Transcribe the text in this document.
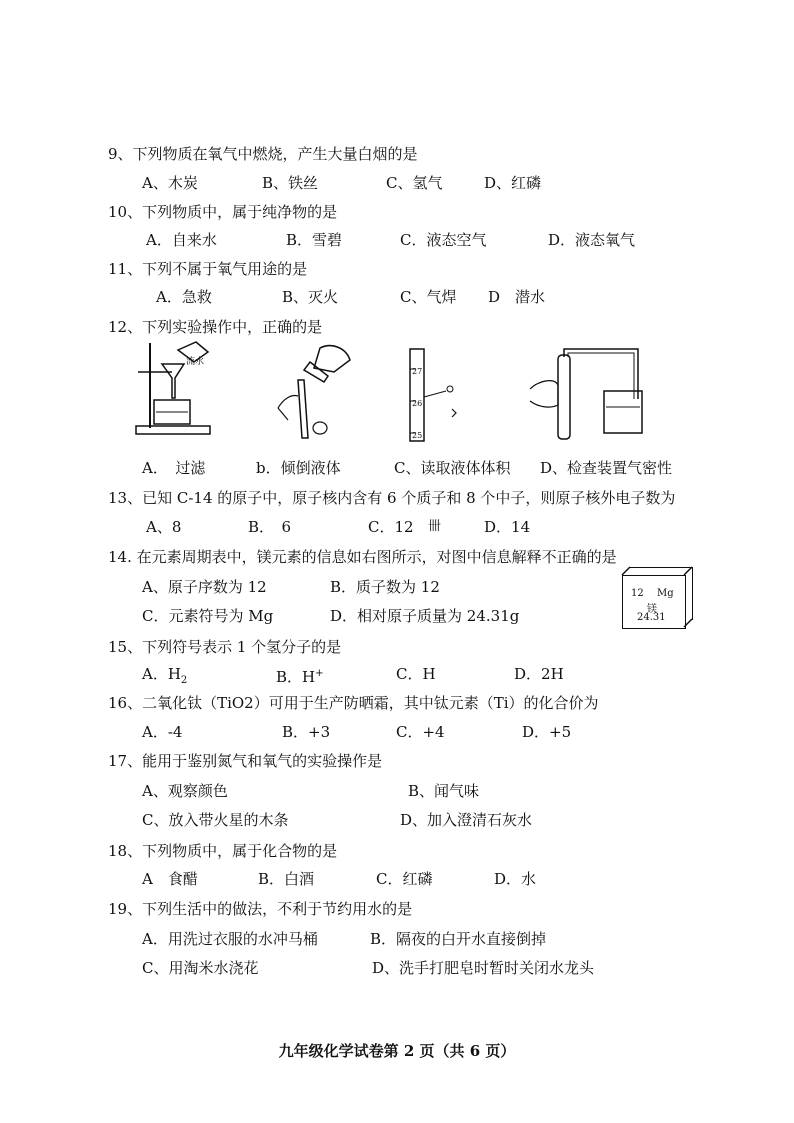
9、下列物质在氧气中燃烧，产生大量白烟的是
A、木炭	B、铁丝	C、氢气	D、红磷
10、下列物质中，属于纯净物的是
A．自来水	B．雪碧	C．液态空气	D．液态氧气
11、下列不属于氧气用途的是
A．急救	B、灭火	C、气焊 D　潜水
12、下列实验操作中，正确的是
流水
27
26
25
A．　过滤	b．倾倒液体	C、读取液体体积 D、检查装置气密性
13、已知 C-14 的原子中，原子核内含有 6 个质子和 8 个中子，则原子核外电子数为
A、8	B．　6	C．12 卌	D．14
14. 在元素周期表中，镁元素的信息如右图所示，对图中信息解释不正确的是
A、原子序数为 12	B．质子数为 12
C．元素符号为 Mg	D．相对原子质量为 24.31g
12 Mg
镁
24.31
15、下列符号表示 1 个氢分子的是
A．$H_2$	B．H+	C．H	D．2H
16、二氧化钛（TiO2）可用于生产防晒霜，其中钛元素（Ti）的化合价为
A．-4	B．+3	C．+4	D．+5
17、能用于鉴别氮气和氧气的实验操作是
A、观察颜色	B、闻气味
C、放入带火星的木条	D、加入澄清石灰水
18、下列物质中，属于化合物的是
A　食醋	B．白酒	C．红磷	D．水
19、下列生活中的做法，不利于节约用水的是
A．用洗过衣服的水冲马桶	B．隔夜的白开水直接倒掉
C、用淘米水浇花	D、洗手打肥皂时暂时关闭水龙头
九年级化学试卷第 2 页（共 6 页）
